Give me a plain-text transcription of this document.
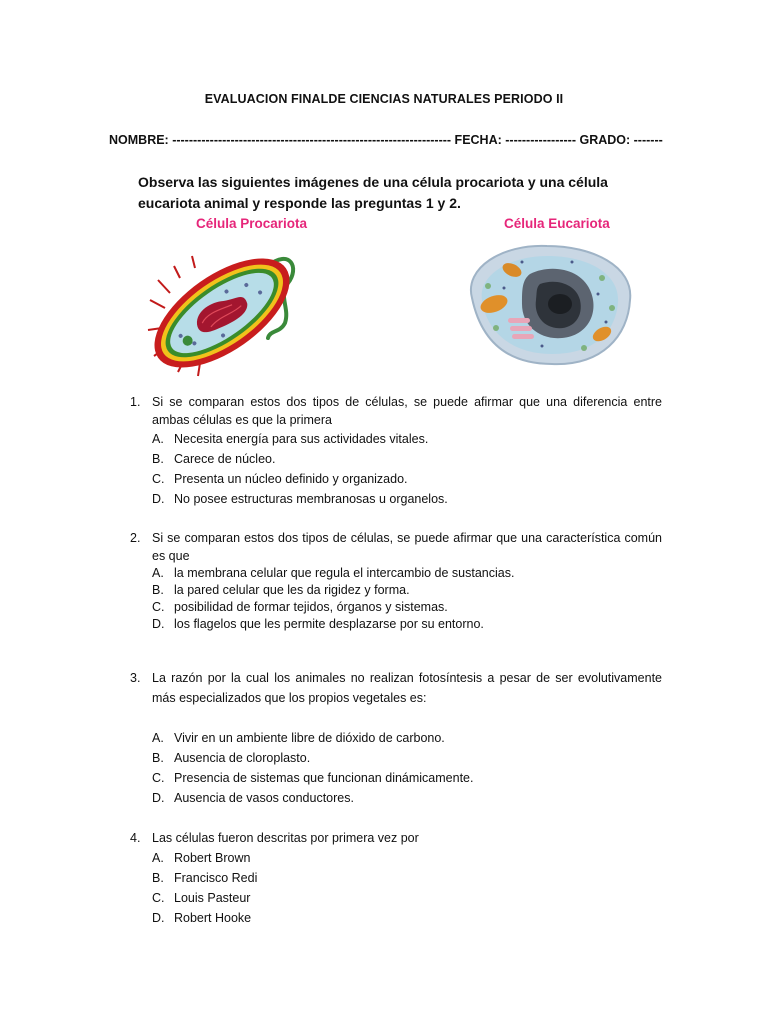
EVALUACION FINALDE CIENCIAS NATURALES PERIODO II
NOMBRE: ------------------------------------------------------------------- FECHA: ----------------- GRADO: -------
Observa las siguientes imágenes de una célula procariota y una célula eucariota animal y responde las preguntas 1 y 2.
Célula Procariota	Célula Eucariota
1. Si se comparan estos dos tipos de células, se puede afirmar que una diferencia entre ambas células es que la primera
A. Necesita energía para sus actividades vitales.
B. Carece de núcleo.
C. Presenta un núcleo definido y organizado.
D. No posee estructuras membranosas u organelos.
2. Si se comparan estos dos tipos de células, se puede afirmar que una característica común es que
A. la membrana celular que regula el intercambio de sustancias.
B. la pared celular que les da rigidez y forma.
C. posibilidad de formar tejidos, órganos y sistemas.
D. los flagelos que les permite desplazarse por su entorno.
3. La razón por la cual los animales no realizan fotosíntesis a pesar de ser evolutivamente más especializados que los propios vegetales es:
A. Vivir en un ambiente libre de dióxido de carbono.
B. Ausencia de cloroplasto.
C. Presencia de sistemas que funcionan dinámicamente.
D. Ausencia de vasos conductores.
4. Las células fueron descritas por primera vez por
A. Robert Brown
B. Francisco Redi
C. Louis Pasteur
D. Robert Hooke
